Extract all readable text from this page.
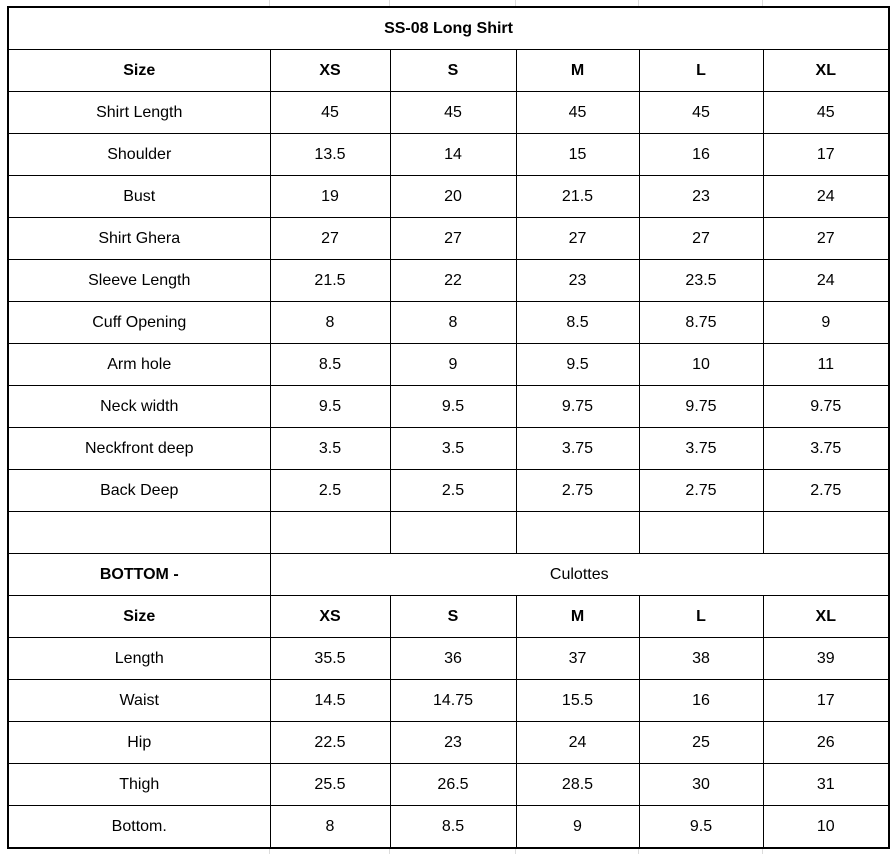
SS-08 Long Shirt					
Size	XS	S	M	L	XL
Shirt Length	45	45	45	45	45
Shoulder	13.5	14	15	16	17
Bust	19	20	21.5	23	24
Shirt Ghera	27	27	27	27	27
Sleeve Length	21.5	22	23	23.5	24
Cuff Opening	8	8	8.5	8.75	9
Arm hole	8.5	9	9.5	10	11
Neck width	9.5	9.5	9.75	9.75	9.75
Neckfront deep	3.5	3.5	3.75	3.75	3.75
Back Deep	2.5	2.5	2.75	2.75	2.75

BOTTOM -	Culottes				
Size	XS	S	M	L	XL
Length	35.5	36	37	38	39
Waist	14.5	14.75	15.5	16	17
Hip	22.5	23	24	25	26
Thigh	25.5	26.5	28.5	30	31
Bottom.	8	8.5	9	9.5	10
